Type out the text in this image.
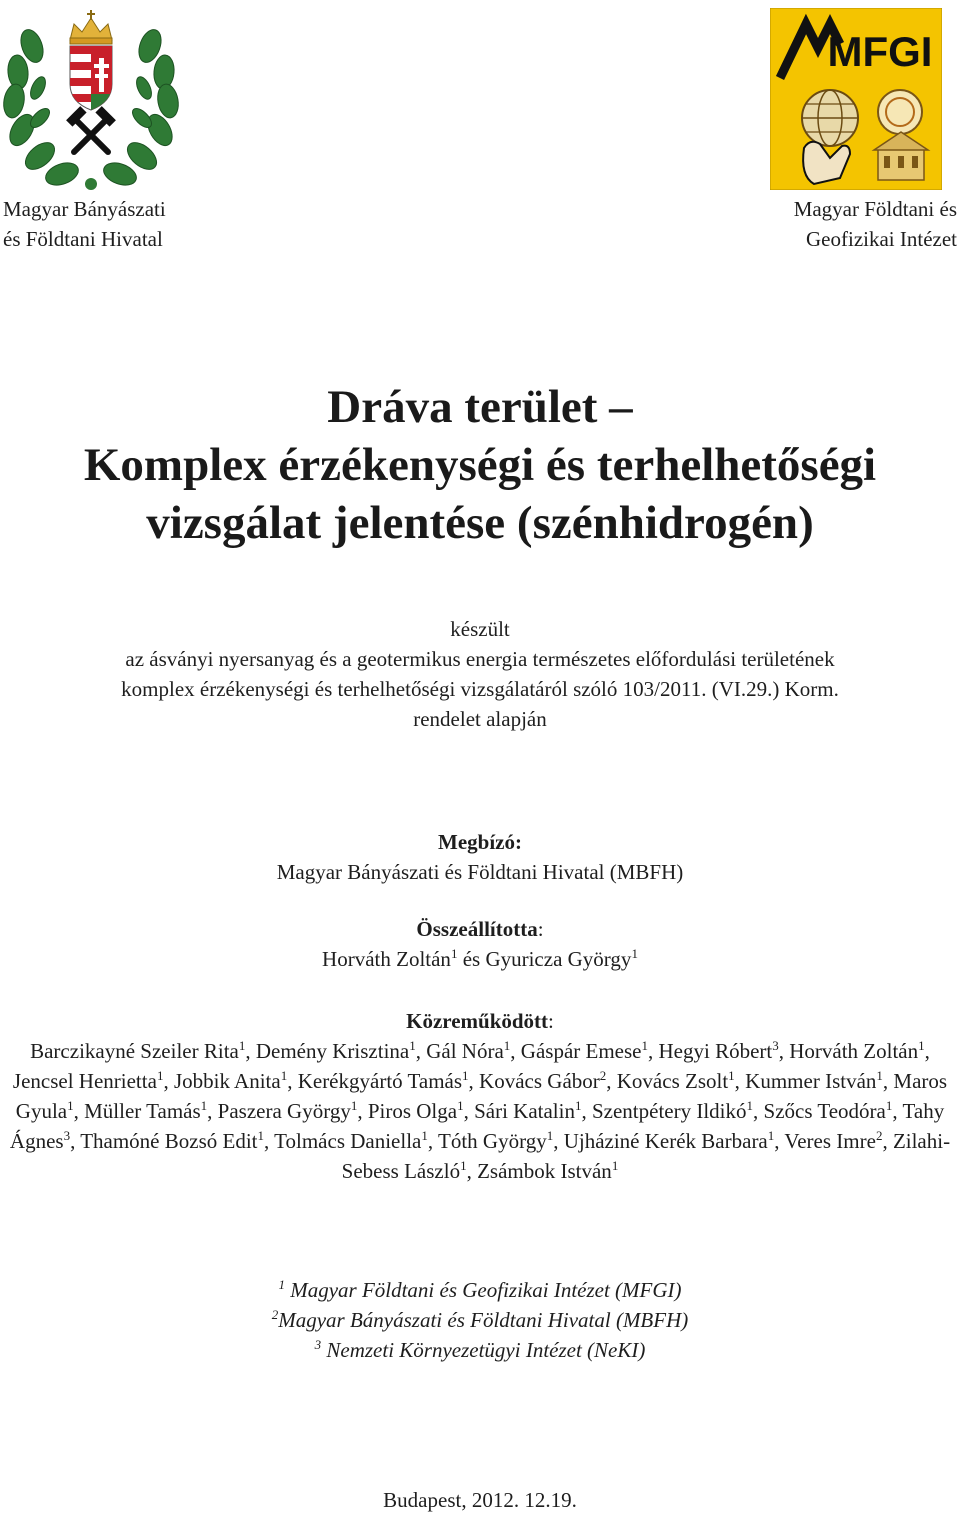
Magyar Bányászati
és Földtani Hivatal
MFGI
Magyar Földtani és
Geofizikai Intézet
Dráva terület –
Komplex érzékenységi és terhelhetőségi
vizsgálat jelentése (szénhidrogén)
készült
az ásványi nyersanyag és a geotermikus energia természetes előfordulási területének
komplex érzékenységi és terhelhetőségi vizsgálatáról szóló 103/2011. (VI.29.) Korm.
rendelet alapján
Megbízó:
Magyar Bányászati és Földtani Hivatal (MBFH)
Összeállította:
Horváth Zoltán$^1$ és Gyuricza György$^1$
Közreműködött:
Barczikayné Szeiler Rita$^1$, Demény Krisztina$^1$, Gál Nóra$^1$, Gáspár Emese$^1$, Hegyi Róbert$^3$, Horváth Zoltán$^1$, Jencsel Henrietta$^1$, Jobbik Anita$^1$, Kerékgyártó Tamás$^1$, Kovács Gábor$^2$, Kovács Zsolt$^1$, Kummer István$^1$, Maros Gyula$^1$, Müller Tamás$^1$, Paszera György$^1$, Piros Olga$^1$, Sári Katalin$^1$, Szentpétery Ildikó$^1$, Szőcs Teodóra$^1$, Tahy Ágnes$^3$, Thamóné Bozsó Edit$^1$, Tolmács Daniella$^1$, Tóth György$^1$, Ujháziné Kerék Barbara$^1$, Veres Imre$^2$, Zilahi-Sebess László$^1$, Zsámbok István$^1$
$^1$ Magyar Földtani és Geofizikai Intézet (MFGI)
$^2$Magyar Bányászati és Földtani Hivatal (MBFH)
$^3$ Nemzeti Környezetügyi Intézet (NeKI)
Budapest, 2012. 12.19.
